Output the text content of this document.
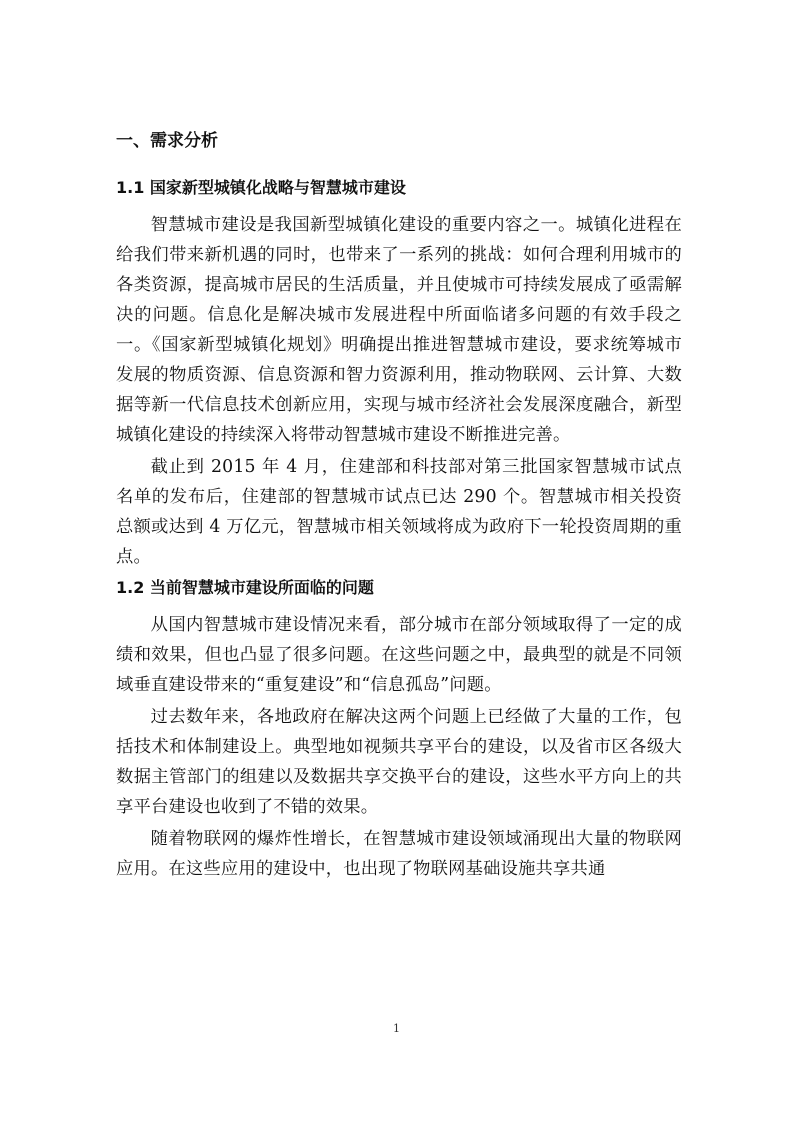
一、需求分析
1.1 国家新型城镇化战略与智慧城市建设

智慧城市建设是我国新型城镇化建设的重要内容之一。城镇化进程在给我们带来新机遇的同时，也带来了一系列的挑战：如何合理利用城市的各类资源，提高城市居民的生活质量，并且使城市可持续发展成了亟需解决的问题。信息化是解决城市发展进程中所面临诸多问题的有效手段之一。《国家新型城镇化规划》明确提出推进智慧城市建设，要求统筹城市发展的物质资源、信息资源和智力资源利用，推动物联网、云计算、大数据等新一代信息技术创新应用，实现与城市经济社会发展深度融合，新型城镇化建设的持续深入将带动智慧城市建设不断推进完善。

截止到 2015 年 4 月，住建部和科技部对第三批国家智慧城市试点名单的发布后，住建部的智慧城市试点已达 290 个。智慧城市相关投资总额或达到 4 万亿元，智慧城市相关领域将成为政府下一轮投资周期的重点。

1.2 当前智慧城市建设所面临的问题

从国内智慧城市建设情况来看，部分城市在部分领域取得了一定的成绩和效果，但也凸显了很多问题。在这些问题之中，最典型的就是不同领域垂直建设带来的“重复建设”和“信息孤岛”问题。

过去数年来，各地政府在解决这两个问题上已经做了大量的工作，包括技术和体制建设上。典型地如视频共享平台的建设，以及省市区各级大数据主管部门的组建以及数据共享交换平台的建设，这些水平方向上的共享平台建设也收到了不错的效果。

随着物联网的爆炸性增长，在智慧城市建设领域涌现出大量的物联网应用。在这些应用的建设中，也出现了物联网基础设施共享共通

1
